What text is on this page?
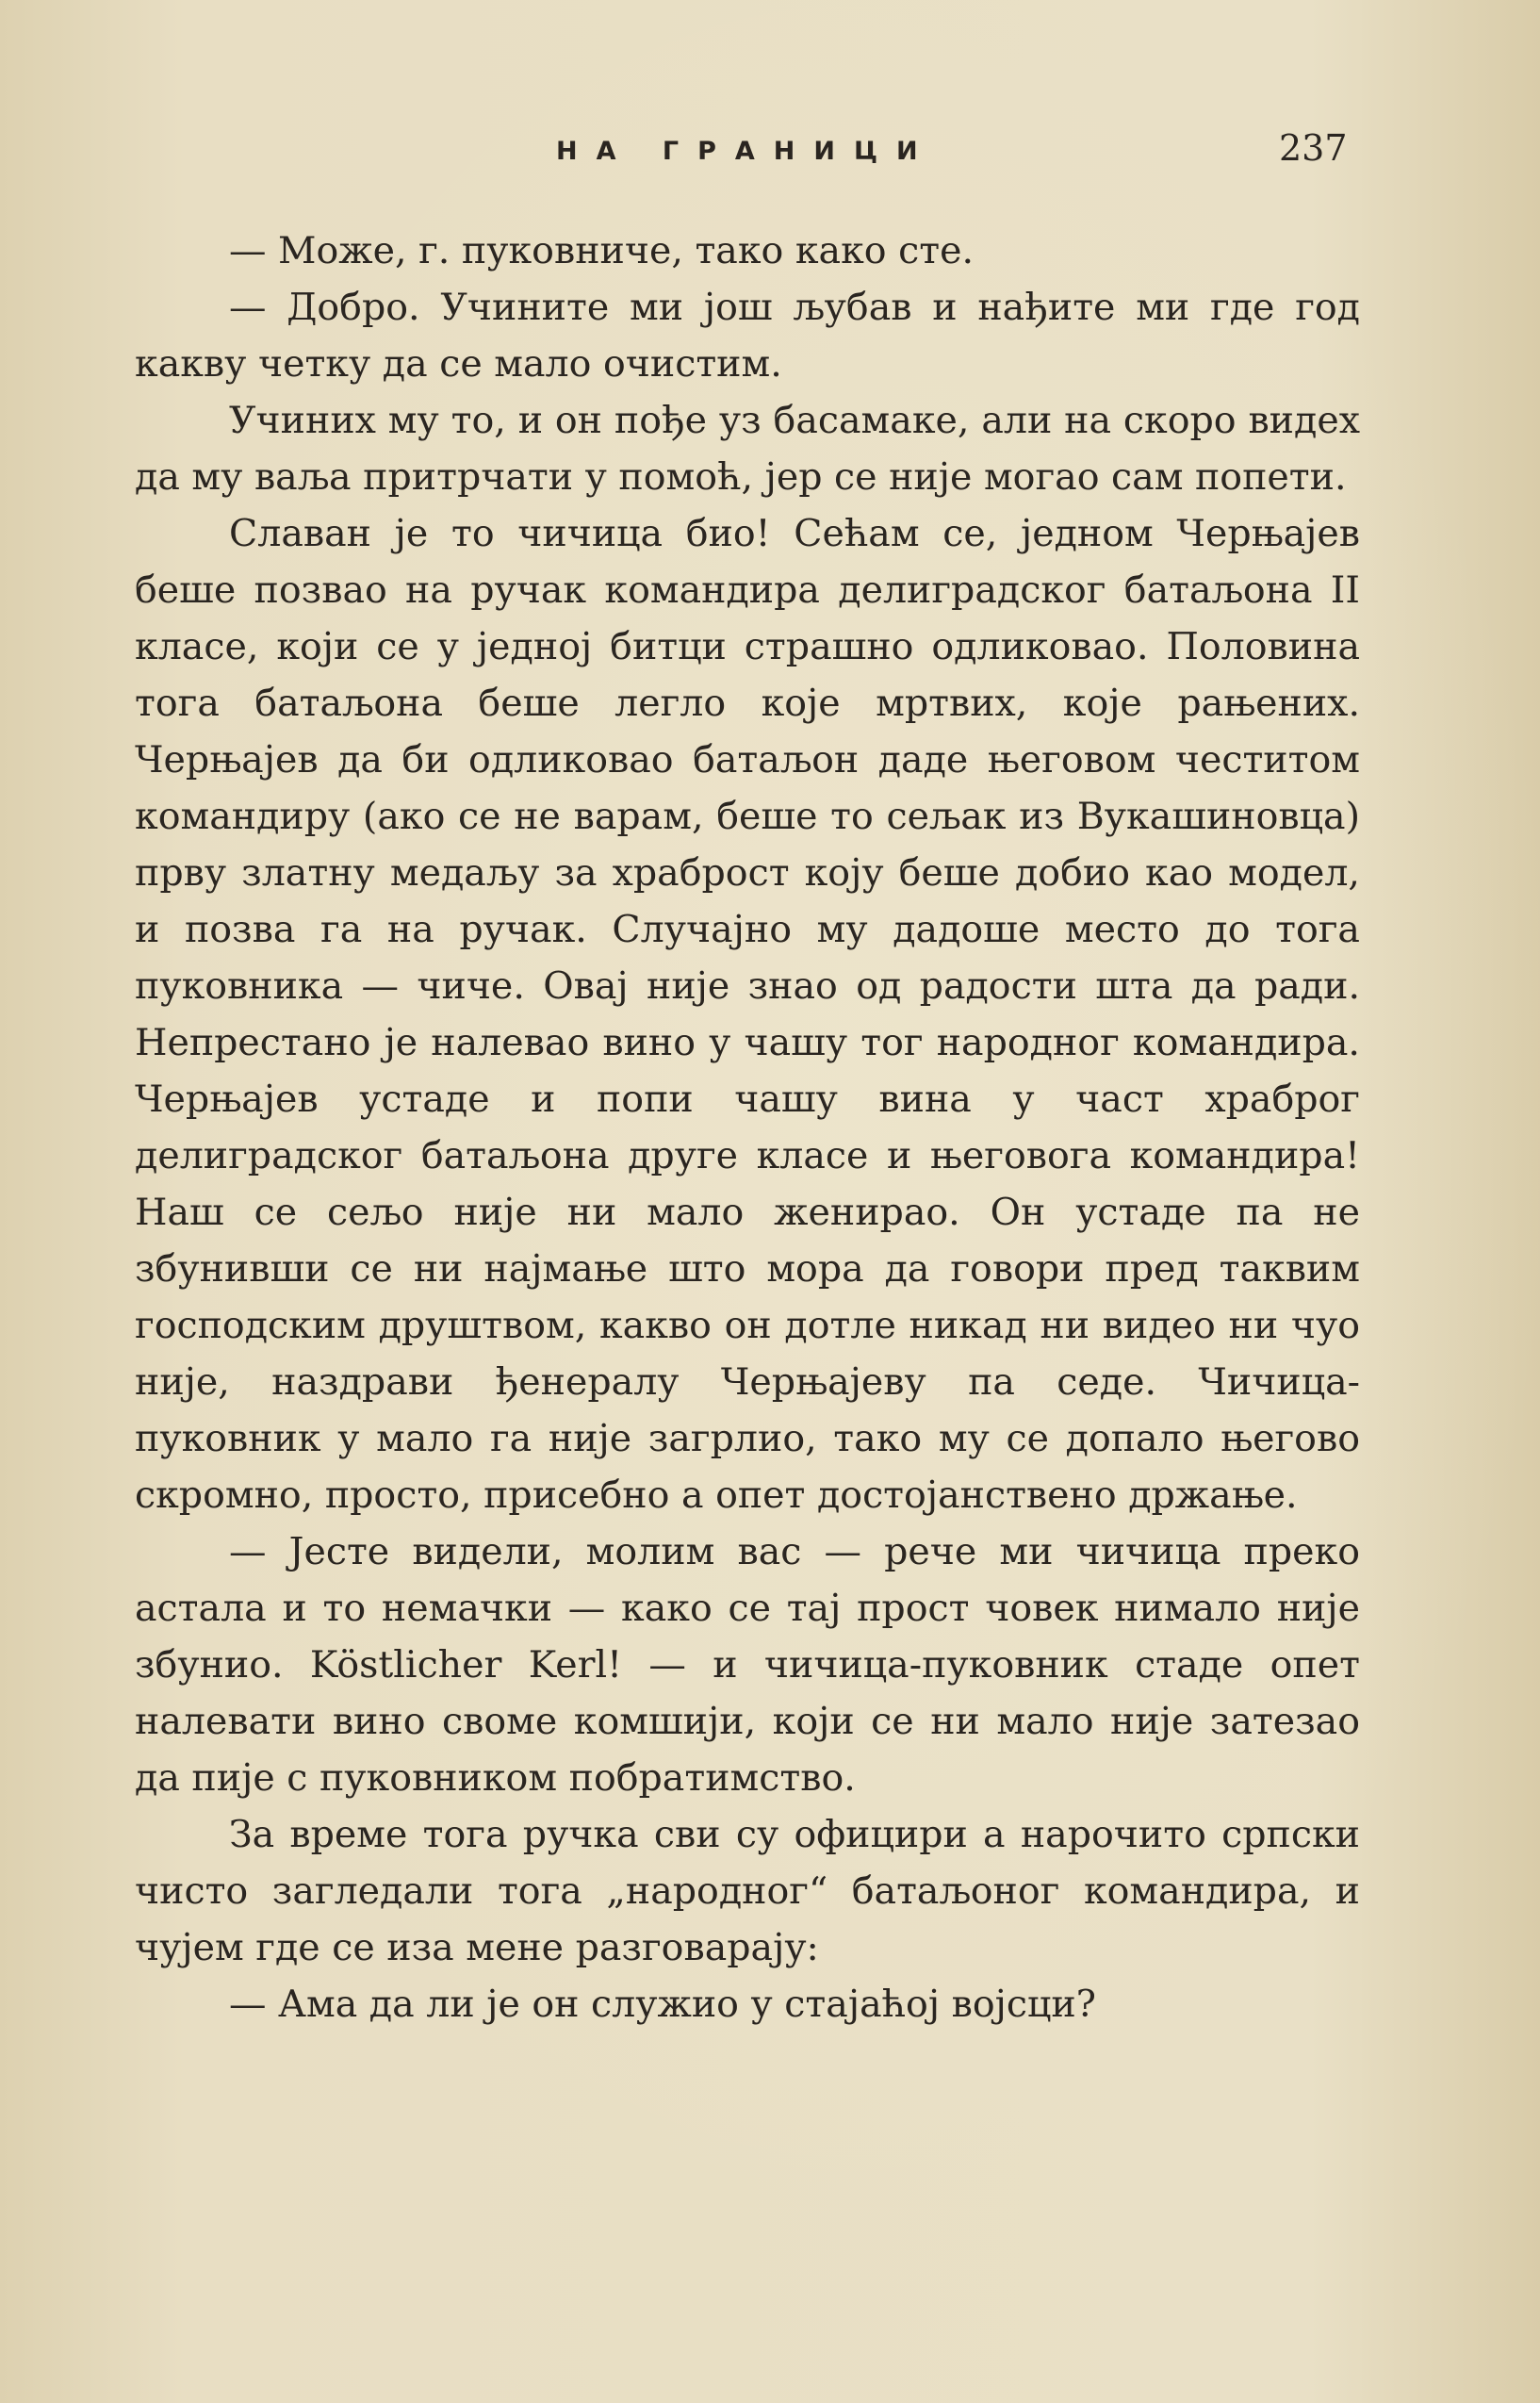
НА ГРАНИЦИ	237

— Може, г. пуковниче, тако како сте.

— Добро. Учините ми још љубав и нађите ми где год какву четку да се мало очистим.

Учиних му то, и он пође уз басамаке, али на скоро видех да му ваља притрчати у помоћ, јер се није могао сам попети.

Славан је то чичица био! Сећам се, једном Черњајев беше позвао на ручак командира делиградског батаљона II класе, који се у једној битци страшно одликовао. Половина тога батаљона беше легло које мртвих, које рањених. Черњајев да би одликовао батаљон даде његовом честитом командиру (ако се не варам, беше то сељак из Вукашиновца) прву златну медаљу за храброст коју беше добио као модел, и позва га на ручак. Случајно му дадоше место до тога пуковника — чиче. Овај није знао од радости шта да ради. Непрестано је налевао вино у чашу тог народног командира. Черњајев устаде и попи чашу вина у част храброг делиградског батаљона друге класе и његовога командира! Наш се сељо није ни мало женирао. Он устаде па не збунивши се ни најмање што мора да говори пред таквим господским друштвом, какво он дотле никад ни видео ни чуо није, наздрави ђенералу Черњајеву па седе. Чичица-пуковник у мало га није загрлио, тако му се допало његово скромно, просто, присебно а опет достојанствено држање.

— Јесте видели, молим вас — рече ми чичица преко астала и то немачки — како се тај прост човек нимало није збунио. Köstlicher Kerl! — и чичица-пуковник стаде опет налевати вино своме комшији, који се ни мало није затезао да пије с пуковником побратимство.

За време тога ручка сви су официри а нарочито српски чисто загледали тога „народног“ батаљоног командира, и чујем где се иза мене разговарају:

— Ама да ли је он служио у стајаћој војсци?
